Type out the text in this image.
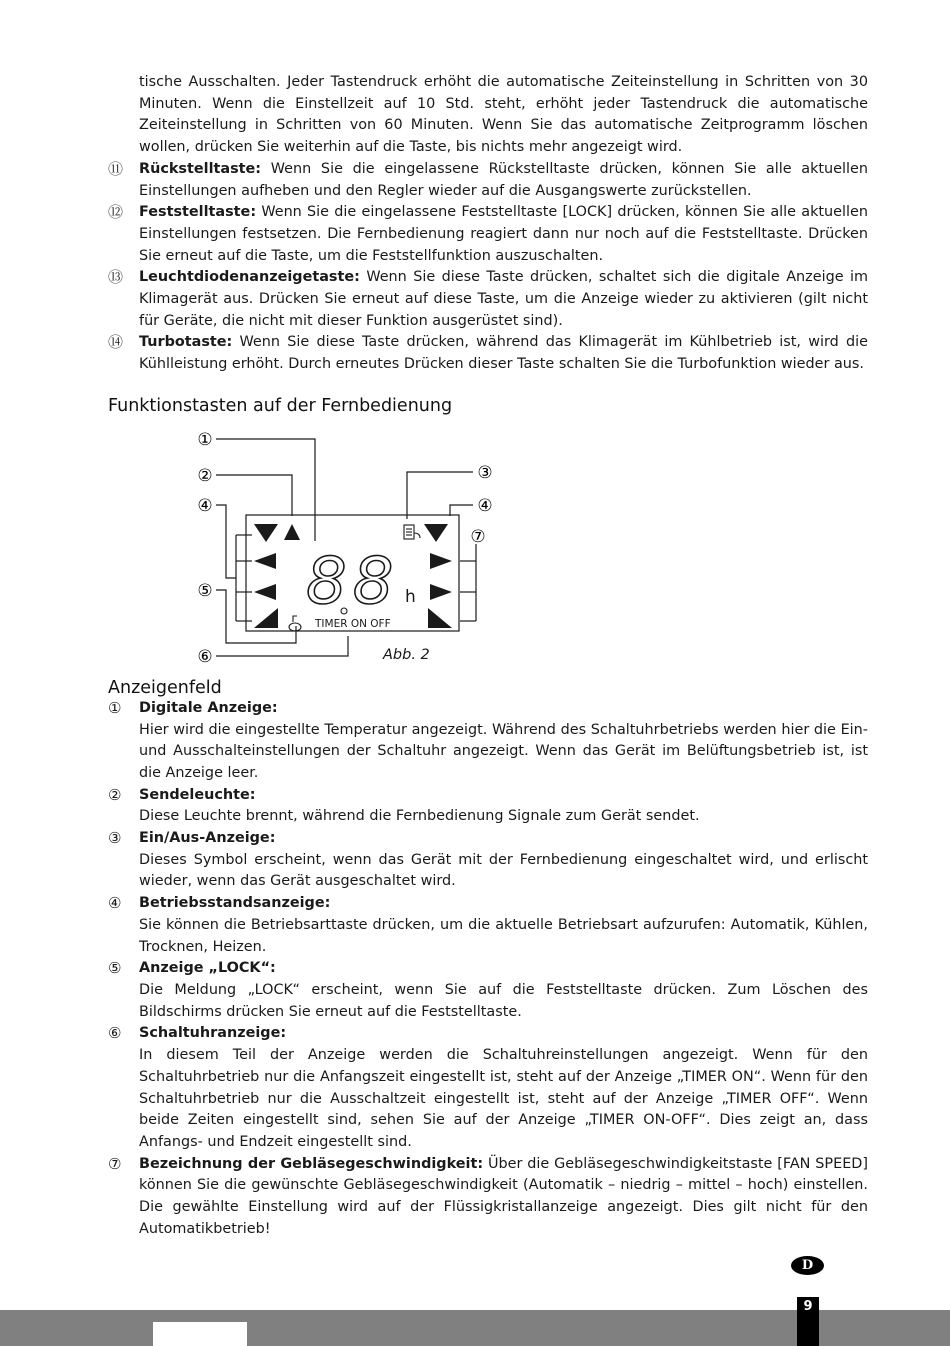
tische Ausschalten. Jeder Tastendruck erhöht die automatische Zeiteinstellung in Schritten von 30 Minuten. Wenn die Einstellzeit auf 10 Std. steht, erhöht jeder Tastendruck die automatische Zeiteinstellung in Schritten von 60 Minuten. Wenn Sie das automatische Zeitprogramm löschen wollen, drücken Sie weiterhin auf die Taste, bis nichts mehr angezeigt wird.

⑪ Rückstelltaste: Wenn Sie die eingelassene Rückstelltaste drücken, können Sie alle aktuellen Einstellungen aufheben und den Regler wieder auf die Ausgangswerte zurückstellen.
⑫ Feststelltaste: Wenn Sie die eingelassene Feststelltaste [LOCK] drücken, können Sie alle aktuellen Einstellungen festsetzen. Die Fernbedienung reagiert dann nur noch auf die Feststelltaste. Drücken Sie erneut auf die Taste, um die Feststellfunktion auszuschalten.
⑬ Leuchtdiodenanzeigetaste: Wenn Sie diese Taste drücken, schaltet sich die digitale Anzeige im Klimagerät aus. Drücken Sie erneut auf diese Taste, um die Anzeige wieder zu aktivieren (gilt nicht für Geräte, die nicht mit dieser Funktion ausgerüstet sind).
⑭ Turbotaste: Wenn Sie diese Taste drücken, während das Klimagerät im Kühlbetrieb ist, wird die Kühlleistung erhöht. Durch erneutes Drücken dieser Taste schalten Sie die Turbofunktion wieder aus.
Funktionstasten auf der Fernbedienung
①
②	③
④
④
⑤
⑥
⑦
88 h
TIMER ON OFF
Abb. 2
Anzeigenfeld
① Digitale Anzeige:
Hier wird die eingestellte Temperatur angezeigt. Während des Schaltuhrbetriebs werden hier die Ein- und Ausschalteinstellungen der Schaltuhr angezeigt. Wenn das Gerät im Belüftungsbetrieb ist, ist die Anzeige leer.
② Sendeleuchte:
Diese Leuchte brennt, während die Fernbedienung Signale zum Gerät sendet.
③ Ein/Aus-Anzeige:
Dieses Symbol erscheint, wenn das Gerät mit der Fernbedienung eingeschaltet wird, und erlischt wieder, wenn das Gerät ausgeschaltet wird.
④ Betriebsstandsanzeige:
Sie können die Betriebsarttaste drücken, um die aktuelle Betriebsart aufzurufen: Automatik, Kühlen, Trocknen, Heizen.
⑤ Anzeige „LOCK“:
Die Meldung „LOCK“ erscheint, wenn Sie auf die Feststelltaste drücken. Zum Löschen des Bildschirms drücken Sie erneut auf die Feststelltaste.
⑥ Schaltuhranzeige:
In diesem Teil der Anzeige werden die Schaltuhreinstellungen angezeigt. Wenn für den Schaltuhrbetrieb nur die Anfangszeit eingestellt ist, steht auf der Anzeige „TIMER ON“. Wenn für den Schaltuhrbetrieb nur die Ausschaltzeit eingestellt ist, steht auf der Anzeige „TIMER OFF“. Wenn beide Zeiten eingestellt sind, sehen Sie auf der Anzeige „TIMER ON-OFF“. Dies zeigt an, dass Anfangs- und Endzeit eingestellt sind.
⑦ Bezeichnung der Gebläsegeschwindigkeit: Über die Gebläsegeschwindigkeitstaste [FAN SPEED] können Sie die gewünschte Gebläsegeschwindigkeit (Automatik – niedrig – mittel – hoch) einstellen. Die gewählte Einstellung wird auf der Flüssigkristallanzeige angezeigt. Dies gilt nicht für den Automatikbetrieb!
D
9
